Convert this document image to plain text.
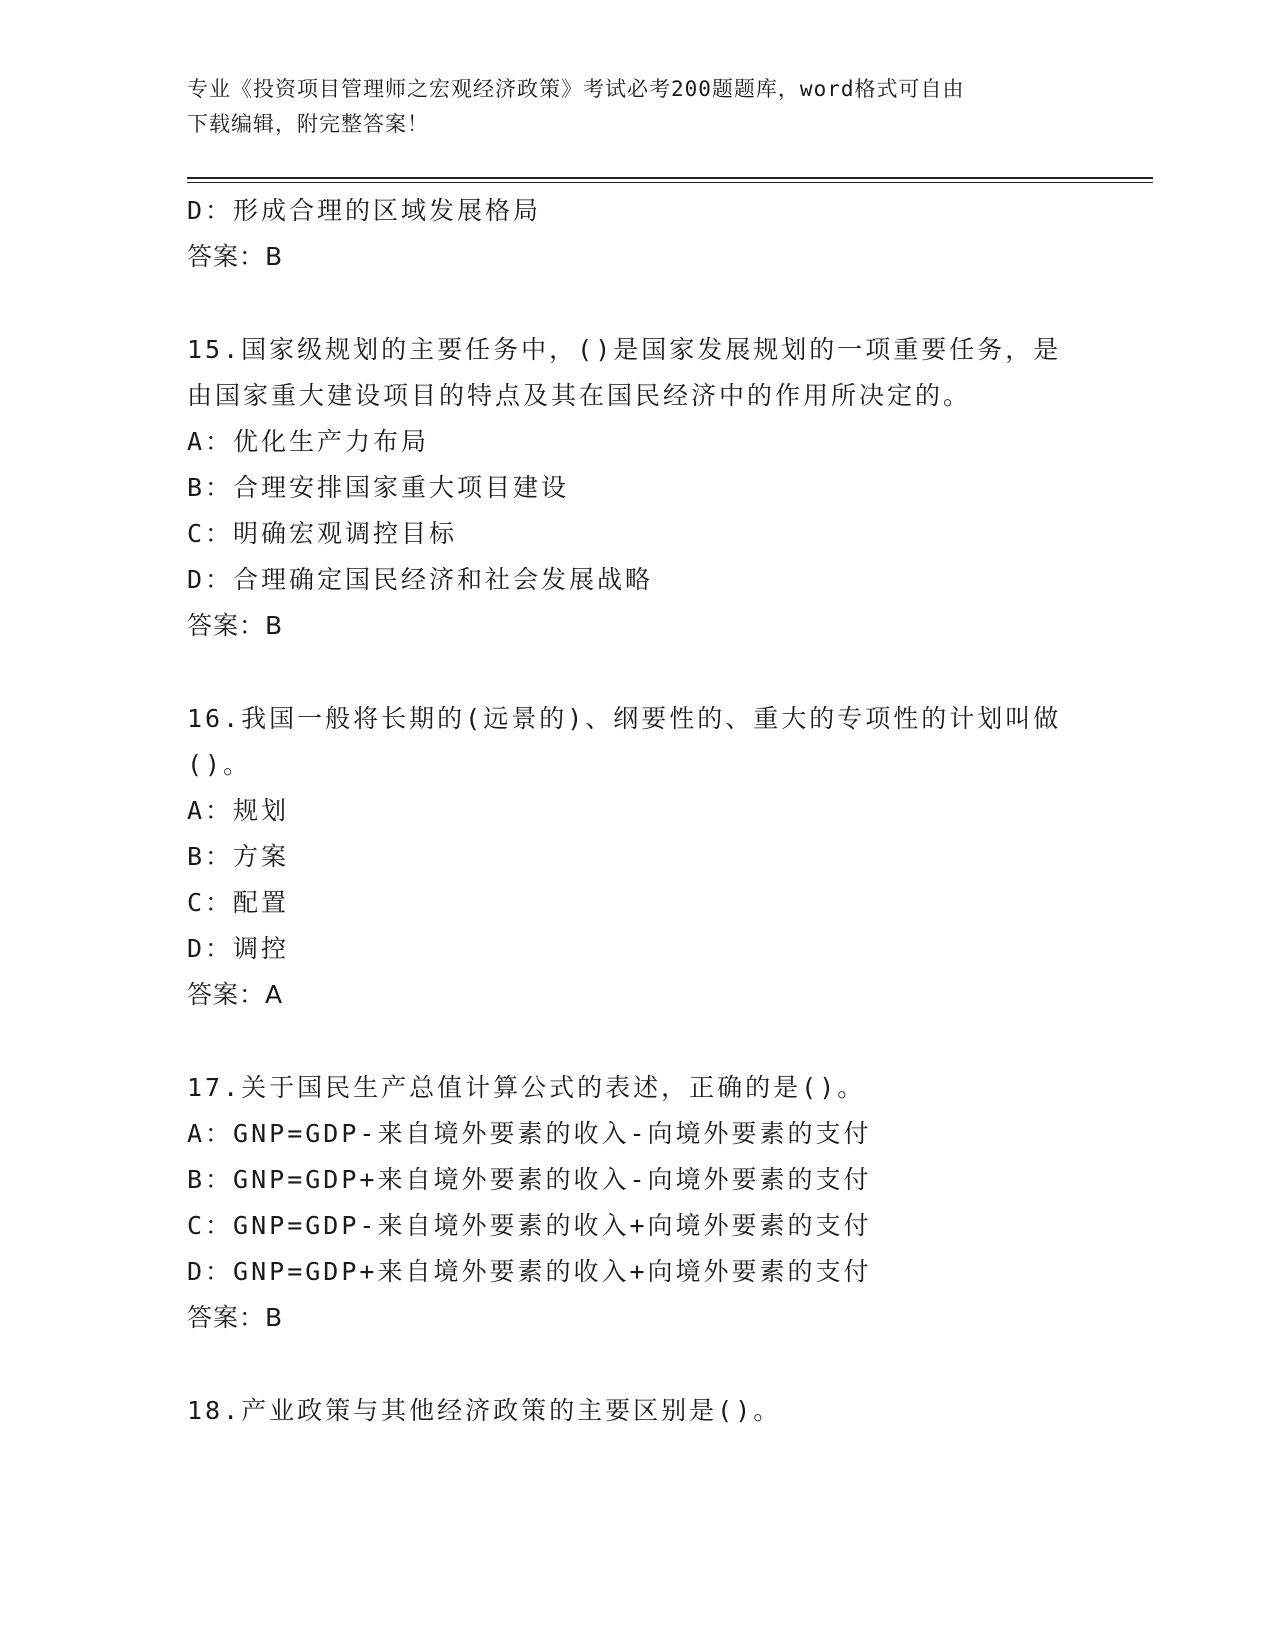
专业《投资项目管理师之宏观经济政策》考试必考200题题库，word格式可自由
下载编辑，附完整答案！
D：形成合理的区域发展格局
答案：B
15.国家级规划的主要任务中，()是国家发展规划的一项重要任务，是
由国家重大建设项目的特点及其在国民经济中的作用所决定的。
A：优化生产力布局
B：合理安排国家重大项目建设
C：明确宏观调控目标
D：合理确定国民经济和社会发展战略
答案：B
16.我国一般将长期的(远景的)、纲要性的、重大的专项性的计划叫做
()。
A：规划
B：方案
C：配置
D：调控
答案：A
17.关于国民生产总值计算公式的表述，正确的是()。
A：GNP=GDP-来自境外要素的收入-向境外要素的支付
B：GNP=GDP+来自境外要素的收入-向境外要素的支付
C：GNP=GDP-来自境外要素的收入+向境外要素的支付
D：GNP=GDP+来自境外要素的收入+向境外要素的支付
答案：B
18.产业政策与其他经济政策的主要区别是()。
